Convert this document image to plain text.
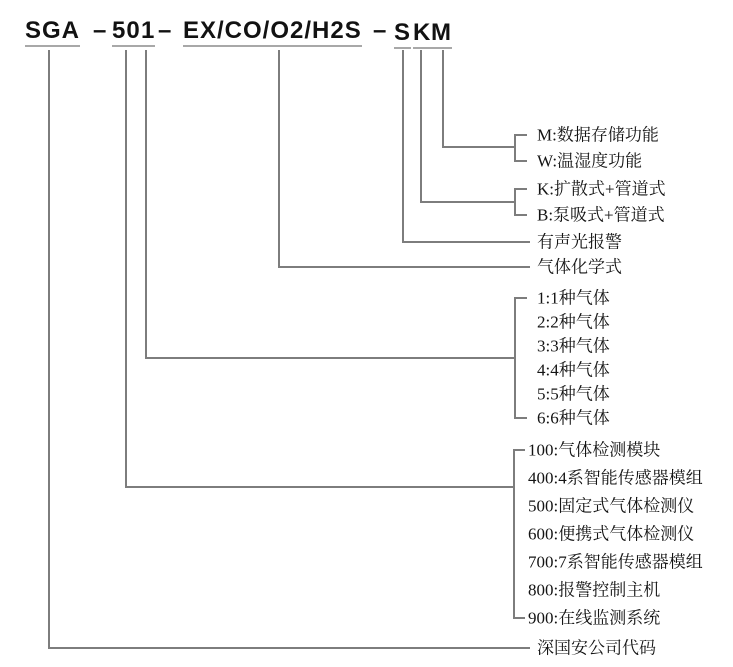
SGA – 50 1 – EX/CO/O2/H2S – S K M
M:数据存储功能
W:温湿度功能
K:扩散式+管道式
B:泵吸式+管道式
有声光报警
气体化学式
1:1种气体
2:2种气体
3:3种气体
4:4种气体
5:5种气体
6:6种气体
100:气体检测模块
400:4系智能传感器模组
500:固定式气体检测仪
600:便携式气体检测仪
700:7系智能传感器模组
800:报警控制主机
900:在线监测系统
深国安公司代码
